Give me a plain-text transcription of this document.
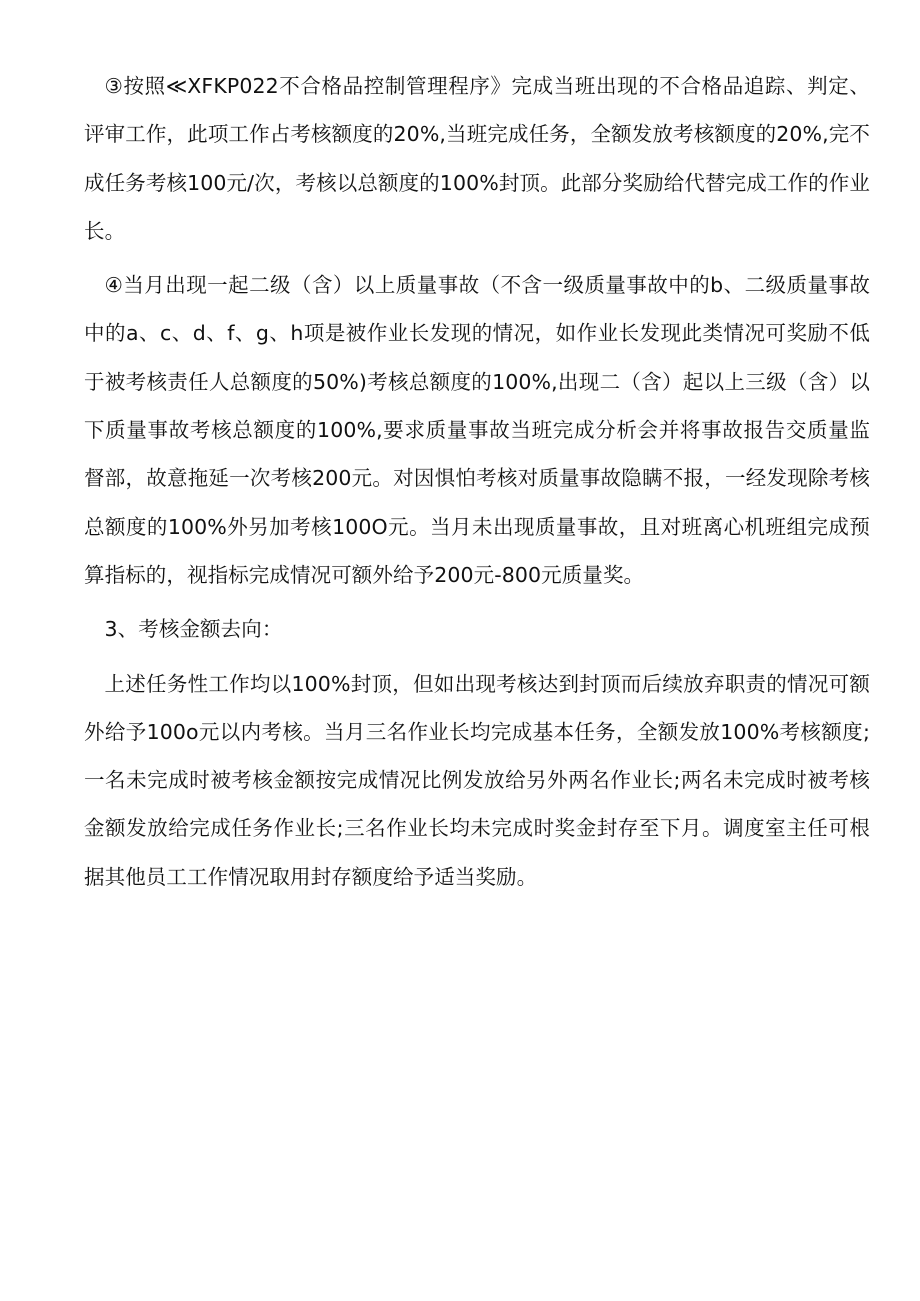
③按照≪XFKP022不合格品控制管理程序》完成当班出现的不合格品追踪、判定、评审工作，此项工作占考核额度的20%,当班完成任务，全额发放考核额度的20%,完不成任务考核100元/次，考核以总额度的100%封顶。此部分奖励给代替完成工作的作业长。

④当月出现一起二级（含）以上质量事故（不含一级质量事故中的b、二级质量事故中的a、c、d、f、g、h项是被作业长发现的情况，如作业长发现此类情况可奖励不低于被考核责任人总额度的50%)考核总额度的100%,出现二（含）起以上三级（含）以下质量事故考核总额度的100%,要求质量事故当班完成分析会并将事故报告交质量监督部，故意拖延一次考核200元。对因惧怕考核对质量事故隐瞒不报，一经发现除考核总额度的100%外另加考核100O元。当月未出现质量事故，且对班离心机班组完成预算指标的，视指标完成情况可额外给予200元-800元质量奖。

3、考核金额去向：

上述任务性工作均以100%封顶，但如出现考核达到封顶而后续放弃职责的情况可额外给予100o元以内考核。当月三名作业长均完成基本任务，全额发放100%考核额度;一名未完成时被考核金额按完成情况比例发放给另外两名作业长;两名未完成时被考核金额发放给完成任务作业长;三名作业长均未完成时奖金封存至下月。调度室主任可根据其他员工工作情况取用封存额度给予适当奖励。
